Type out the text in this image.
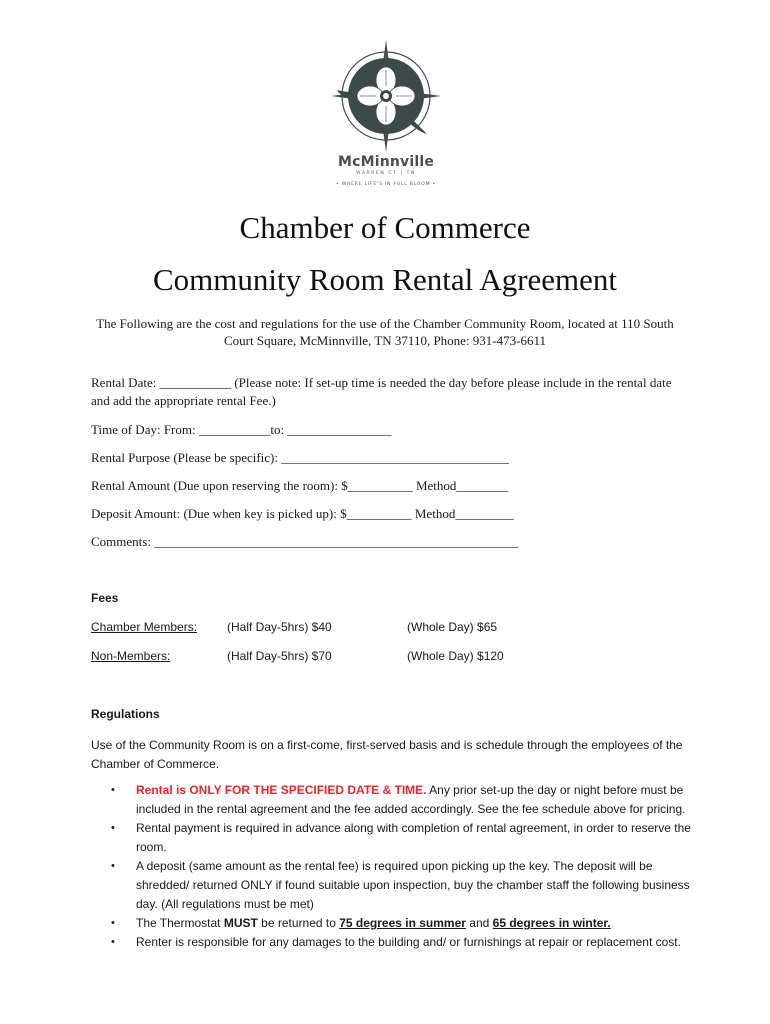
McMinnville
WARREN CT | TN
• WHERE LIFE'S IN FULL BLOOM •
Chamber of Commerce
Community Room Rental Agreement
The Following are the cost and regulations for the use of the Chamber Community Room, located at 110 South Court Square, McMinnville, TN 37110, Phone: 931-473-6611
Rental Date: ___________ (Please note: If set-up time is needed the day before please include in the rental date and add the appropriate rental Fee.)
Time of Day: From: ___________to: ________________
Rental Purpose (Please be specific): ___________________________________
Rental Amount (Due upon reserving the room): $__________ Method________
Deposit Amount: (Due when key is picked up): $__________ Method_________
Comments: ________________________________________________________
Fees
Chamber Members: (Half Day-5hrs) $40	(Whole Day) $65
Non-Members:	(Half Day-5hrs) $70	(Whole Day) $120
Regulations
Use of the Community Room is on a first-come, first-served basis and is schedule through the employees of the Chamber of Commerce.
• Rental is ONLY FOR THE SPECIFIED DATE & TIME. Any prior set-up the day or night before must be included in the rental agreement and the fee added accordingly. See the fee schedule above for pricing.
• Rental payment is required in advance along with completion of rental agreement, in order to reserve the room.
• A deposit (same amount as the rental fee) is required upon picking up the key. The deposit will be shredded/ returned ONLY if found suitable upon inspection, buy the chamber staff the following business day. (All regulations must be met)
• The Thermostat MUST be returned to 75 degrees in summer and 65 degrees in winter.
• Renter is responsible for any damages to the building and/ or furnishings at repair or replacement cost.
